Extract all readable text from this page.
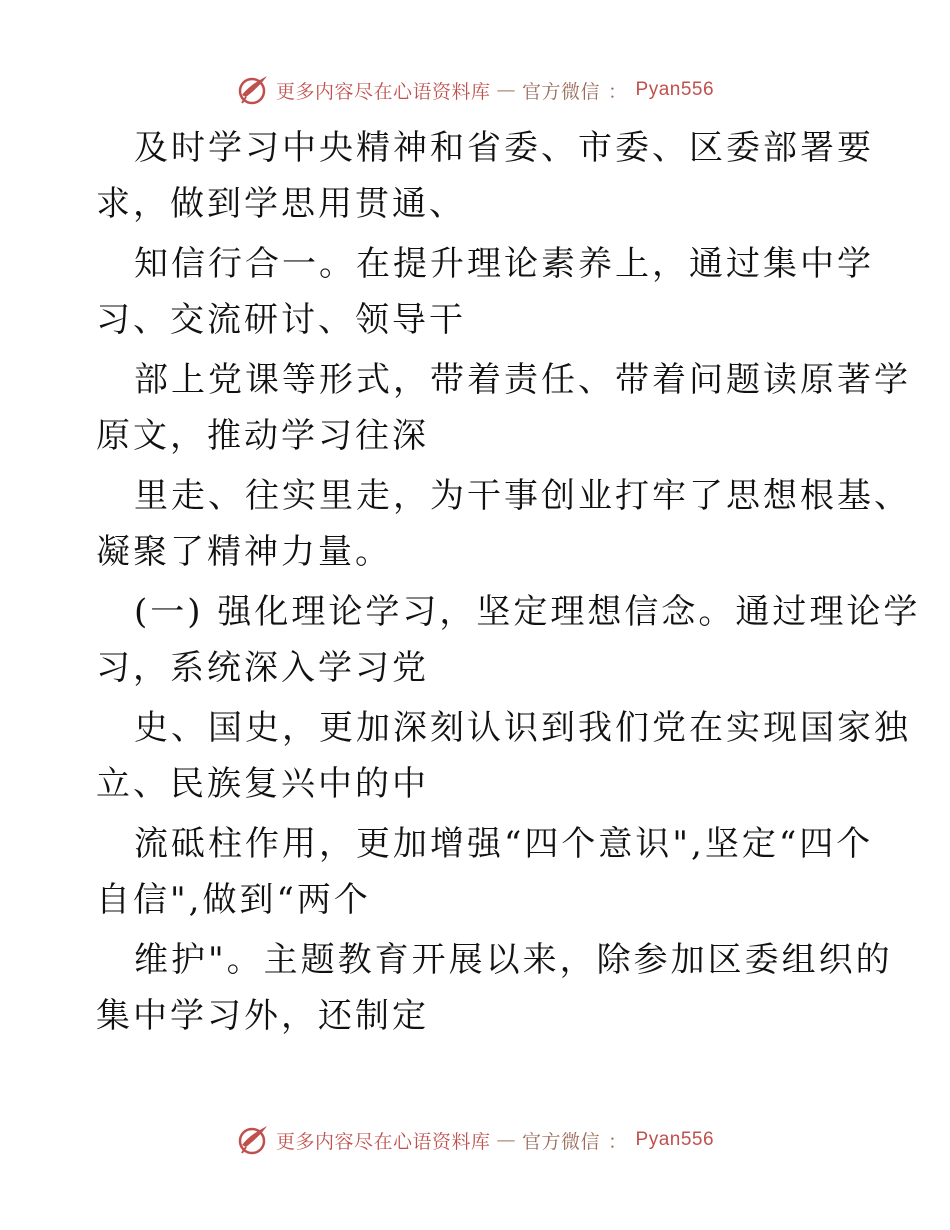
更多内容尽在心语资料库 — 官方微信 ： Pyan556
及时学习中央精神和省委、市委、区委部署要
求，做到学思用贯通、
知信行合一。在提升理论素养上，通过集中学
习、交流研讨、领导干
部上党课等形式，带着责任、带着问题读原著学
原文，推动学习往深
里走、往实里走，为干事创业打牢了思想根基、
凝聚了精神力量。
(一) 强化理论学习，坚定理想信念。通过理论学
习，系统深入学习党
史、国史，更加深刻认识到我们党在实现国家独
立、民族复兴中的中
流砥柱作用，更加增强“四个意识",坚定“四个
自信",做到“两个
维护"。主题教育开展以来，除参加区委组织的
集中学习外，还制定
更多内容尽在心语资料库 — 官方微信 ： Pyan556
